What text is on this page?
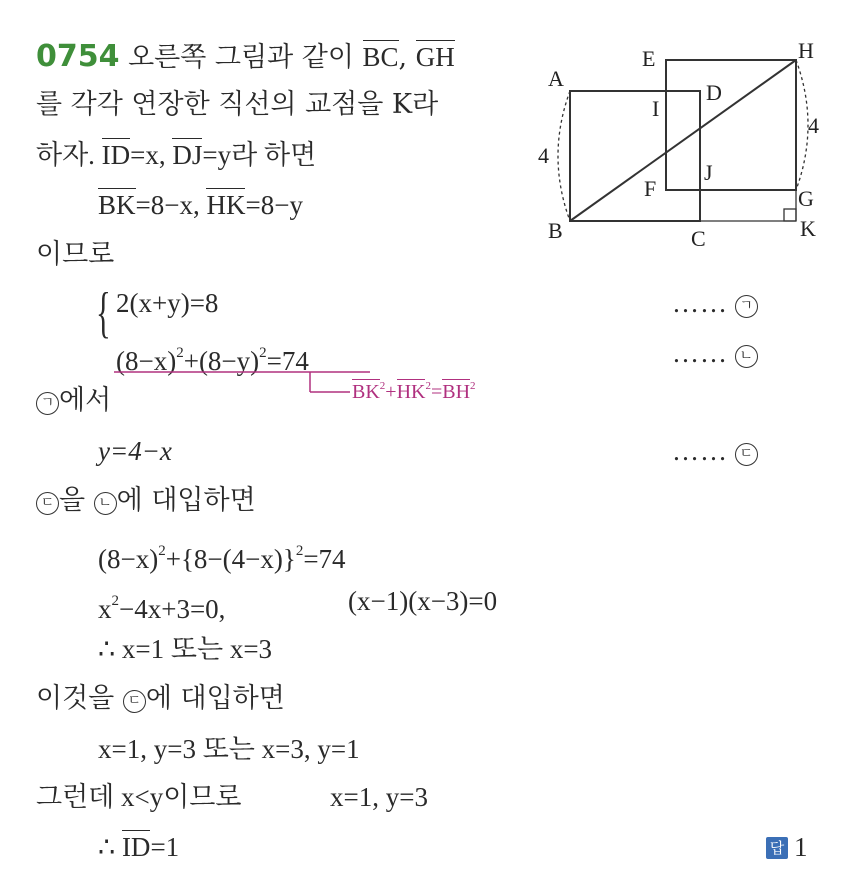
0754 오른쪽 그림과 같이 BC, GH
를 각각 연장한 직선의 교점을 K라
하자. ID=x, DJ=y라 하면
BK=8−x, HK=8−y
이므로
A
B	C
D
E
F	G
H
I
J
K
4
4
{ 2(x+y)=8	…… ㄱ
$(8-x)^2+(8-y)^2=74$	…… ㄴ
$BK^2+HK^2=BH^2$
ㄱ 에서
y=4−x	…… ㄷ
ㄷ 을 ㄴ 에 대입하면
$(8-x)^2+\{8-(4-x)\}^2=74$
$x^2-4x+3=0$,	(x−1)(x−3)=0
∴ x=1 또는 x=3
이것을 ㄷ 에 대입하면
x=1, y=3 또는 x=3, y=1
그런데 x<y이므로	x=1, y=3
∴ ID=1	답 1
